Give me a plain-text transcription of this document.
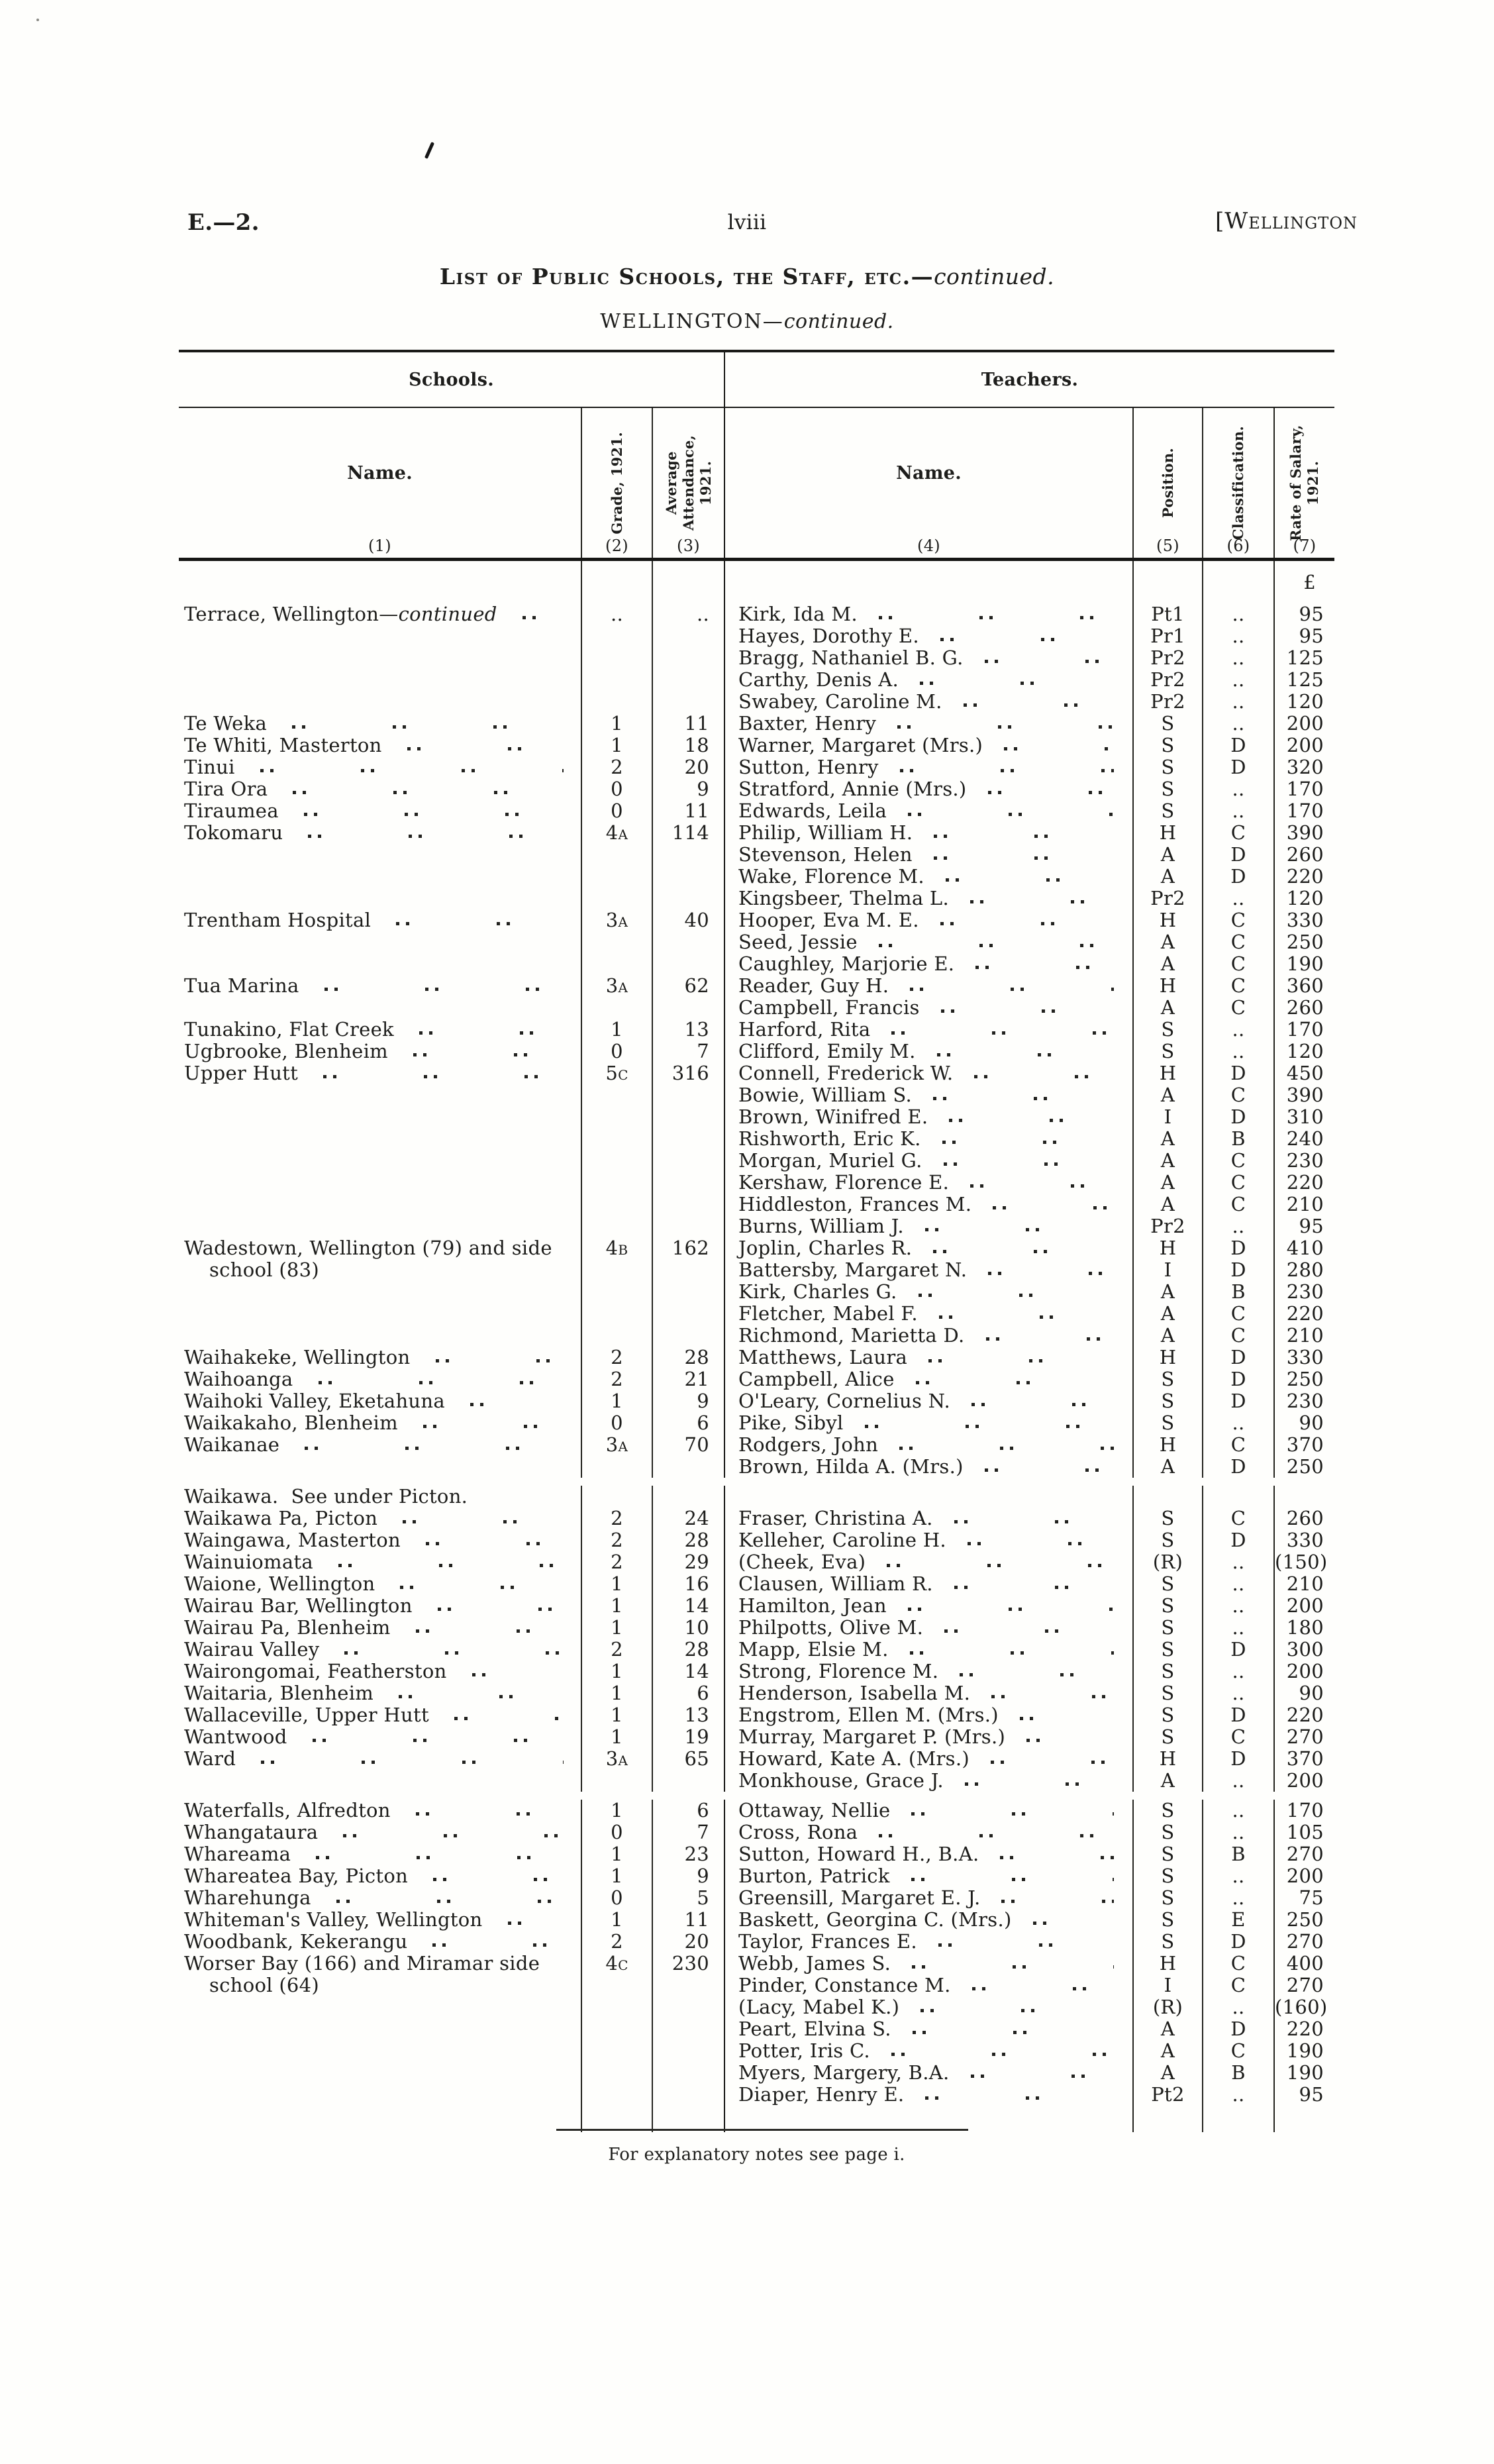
E.—2.	lviii	[Wellington
List of Public Schools, the Staff, etc.—continued.
WELLINGTON—continued.
Schools.	Teachers.
Name.
(1)
Grade, 1921.
(2)
Average Attendance, 1921.
(3)
Name.
(4)
Position.
(5)
Classification.
(6)
Rate of Salary, 1921.
(7)
£
Terrace, Wellington— continued	..	..	Kirk, Ida M.	Pt1	..	95
Hayes, Dorothy E.	Pr1	..	95
Bragg, Nathaniel B. G.	Pr2	..	125
Carthy, Denis A.	Pr2	..	125
Swabey, Caroline M.	Pr2	..	120
Te Weka	1	11	Baxter, Henry	S	..	200
Te Whiti, Masterton	1	18	Warner, Margaret (Mrs.)	S	D	200
Tinui	2	20	Sutton, Henry	S	D	320
Tira Ora	0	9	Stratford, Annie (Mrs.)	S	..	170
Tiraumea	0	11	Edwards, Leila	S	..	170
Tokomaru	4a	114	Philip, William H.	H	C	390
Stevenson, Helen	A	D	260
Wake, Florence M.	A	D	220
Kingsbeer, Thelma L.	Pr2	..	120
Trentham Hospital	3a	40	Hooper, Eva M. E.	H	C	330
Seed, Jessie	A	C	250
Caughley, Marjorie E.	A	C	190
Tua Marina	3a	62	Reader, Guy H.	H	C	360
Campbell, Francis	A	C	260
Tunakino, Flat Creek	1	13	Harford, Rita	S	..	170
Ugbrooke, Blenheim	0	7	Clifford, Emily M.	S	..	120
Upper Hutt	5c	316	Connell, Frederick W.	H	D	450
Bowie, William S.	A	C	390
Brown, Winifred E.	I	D	310
Rishworth, Eric K.	A	B	240
Morgan, Muriel G.	A	C	230
Kershaw, Florence E.	A	C	220
Hiddleston, Frances M.	A	C	210
Burns, William J.	Pr2	..	95
Wadestown, Wellington (79) and side	4b	162	Joplin, Charles R.	H	D	410
school (83)	Battersby, Margaret N.	I	D	280
Kirk, Charles G.	A	B	230
Fletcher, Mabel F.	A	C	220
Richmond, Marietta D.	A	C	210
Waihakeke, Wellington	2	28	Matthews, Laura	H	D	330
Waihoanga	2	21	Campbell, Alice	S	D	250
Waihoki Valley, Eketahuna	1	9	O'Leary, Cornelius N.	S	D	230
Waikakaho, Blenheim	0	6	Pike, Sibyl	S	..	90
Waikanae	3a	70	Rodgers, John	H	C	370
Brown, Hilda A. (Mrs.)	A	D	250
Waikawa.  See under Picton.
Waikawa Pa, Picton	2	24	Fraser, Christina A.	S	C	260
Waingawa, Masterton	2	28	Kelleher, Caroline H.	S	D	330
Wainuiomata	2	29	(Cheek, Eva)	(R)	..	(150)
Waione, Wellington	1	16	Clausen, William R.	S	..	210
Wairau Bar, Wellington	1	14	Hamilton, Jean	S	..	200
Wairau Pa, Blenheim	1	10	Philpotts, Olive M.	S	..	180
Wairau Valley	2	28	Mapp, Elsie M.	S	D	300
Wairongomai, Featherston	1	14	Strong, Florence M.	S	..	200
Waitaria, Blenheim	1	6	Henderson, Isabella M.	S	..	90
Wallaceville, Upper Hutt	1	13	Engstrom, Ellen M. (Mrs.)	S	D	220
Wantwood	1	19	Murray, Margaret P. (Mrs.)	S	C	270
Ward	3a	65	Howard, Kate A. (Mrs.)	H	D	370
Monkhouse, Grace J.	A	..	200
Waterfalls, Alfredton	1	6	Ottaway, Nellie	S	..	170
Whangataura	0	7	Cross, Rona	S	..	105
Whareama	1	23	Sutton, Howard H., B.A.	S	B	270
Whareatea Bay, Picton	1	9	Burton, Patrick	S	..	200
Wharehunga	0	5	Greensill, Margaret E. J.	S	..	75
Whiteman's Valley, Wellington	1	11	Baskett, Georgina C. (Mrs.)	S	E	250
Woodbank, Kekerangu	2	20	Taylor, Frances E.	S	D	270
Worser Bay (166) and Miramar side	4c	230	Webb, James S.	H	C	400
school (64)	Pinder, Constance M.	I	C	270
(Lacy, Mabel K.)	(R)	..	(160)
Peart, Elvina S.	A	D	220
Potter, Iris C.	A	C	190
Myers, Margery, B.A.	A	B	190
Diaper, Henry E.	Pt2	..	95
For explanatory notes see page i.
